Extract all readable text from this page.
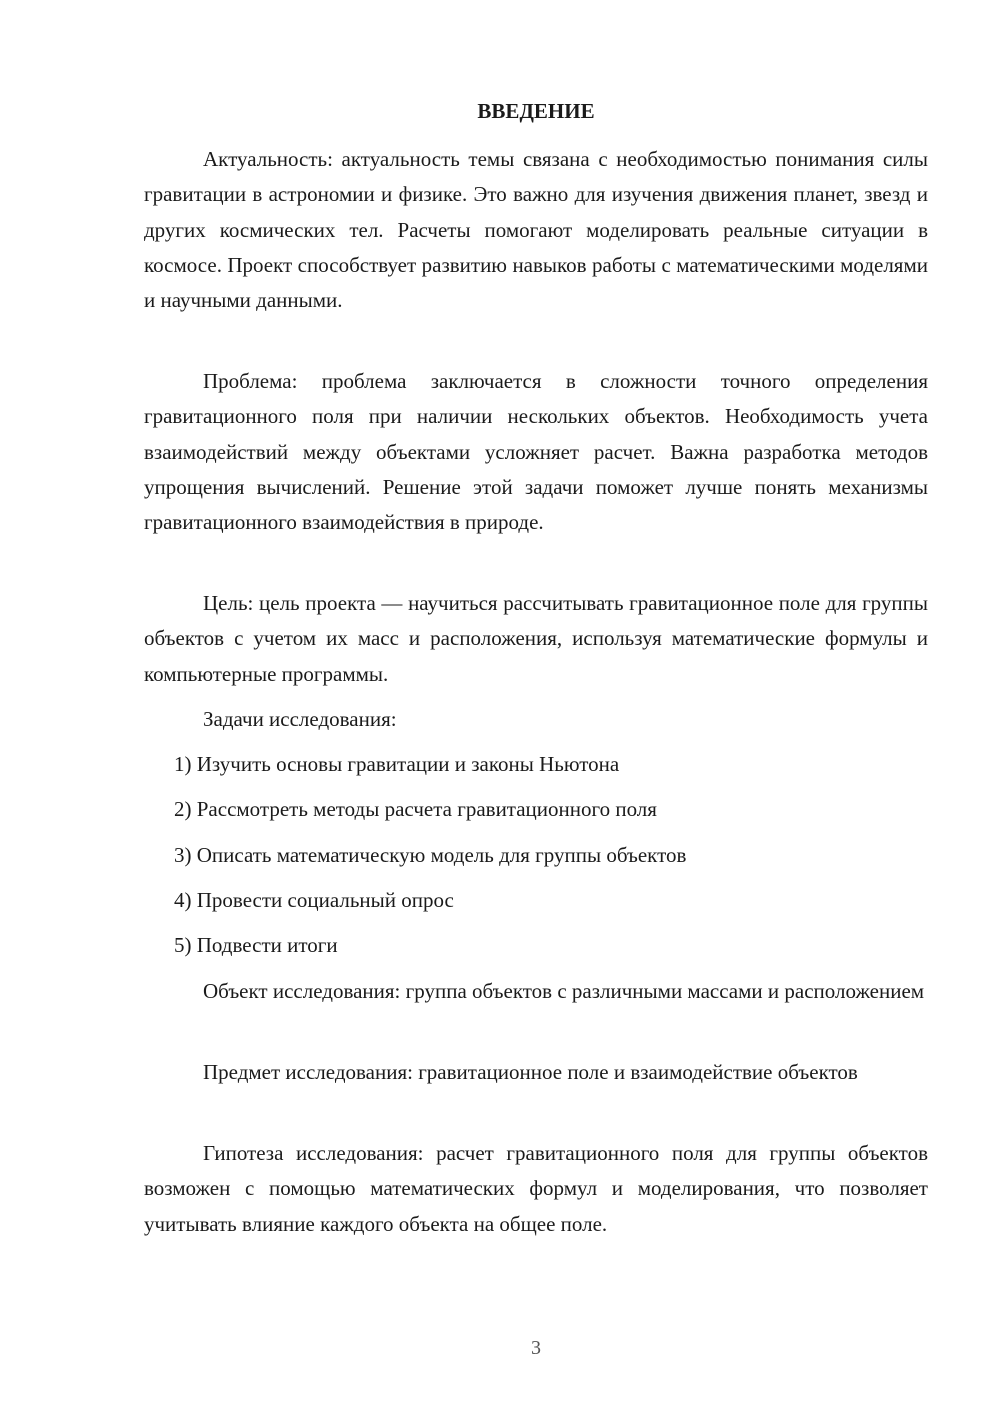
ВВЕДЕНИЕ

Актуальность: актуальность темы связана с необходимостью понимания силы гравитации в астрономии и физике. Это важно для изучения движения планет, звезд и других космических тел. Расчеты помогают моделировать реальные ситуации в космосе. Проект способствует развитию навыков работы с математическими моделями и научными данными.

Проблема: проблема заключается в сложности точного определения гравитационного поля при наличии нескольких объектов. Необходимость учета взаимодействий между объектами усложняет расчет. Важна разработка методов упрощения вычислений. Решение этой задачи поможет лучше понять механизмы гравитационного взаимодействия в природе.

Цель: цель проекта — научиться рассчитывать гравитационное поле для группы объектов с учетом их масс и расположения, используя математические формулы и компьютерные программы.

Задачи исследования:

1) Изучить основы гравитации и законы Ньютона

2) Рассмотреть методы расчета гравитационного поля

3) Описать математическую модель для группы объектов

4) Провести социальный опрос

5) Подвести итоги

Объект исследования: группа объектов с различными массами и расположением

Предмет исследования: гравитационное поле и взаимодействие объектов

Гипотеза исследования: расчет гравитационного поля для группы объектов возможен с помощью математических формул и моделирования, что позволяет учитывать влияние каждого объекта на общее поле.

3
